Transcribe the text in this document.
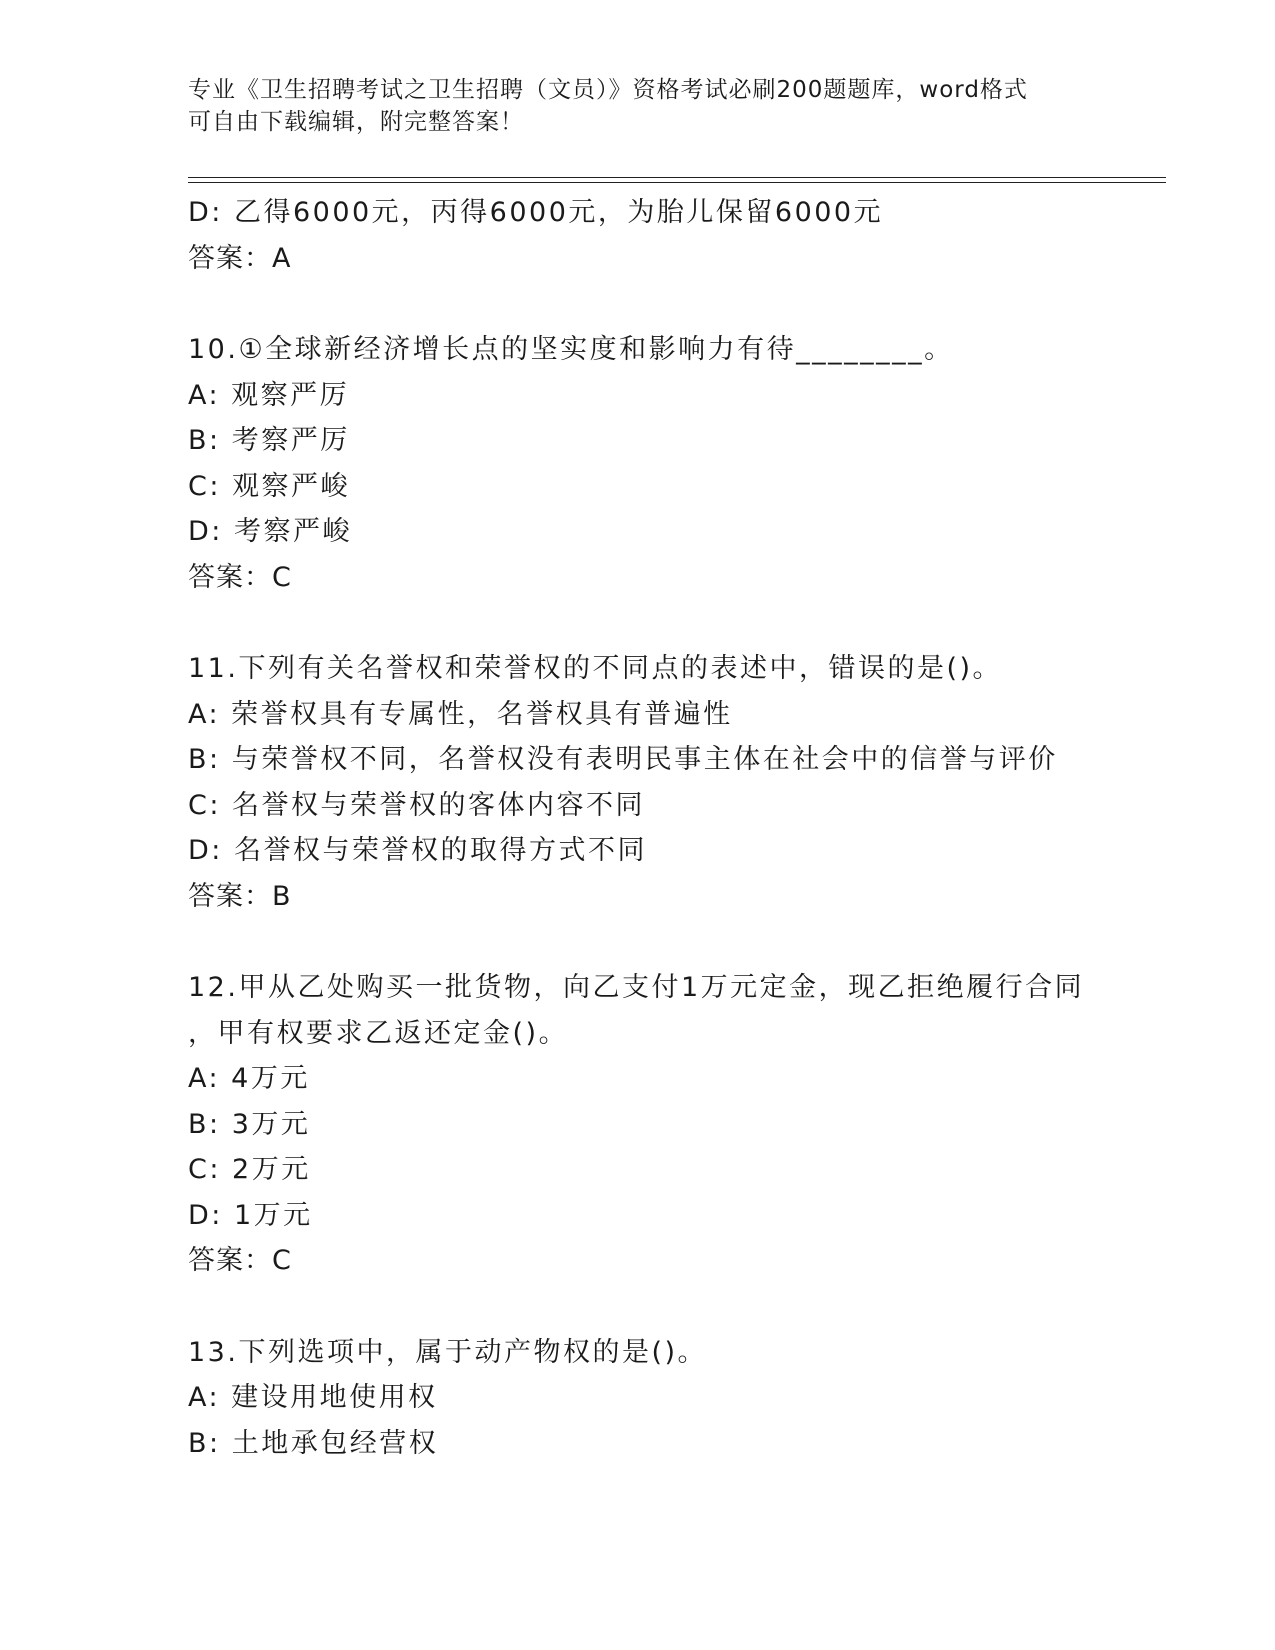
专业《卫生招聘考试之卫生招聘（文员）》资格考试必刷200题题库，word格式
可自由下载编辑，附完整答案！
D: 乙得6000元，丙得6000元，为胎儿保留6000元
答案：A
10.①全球新经济增长点的坚实度和影响力有待________。
A: 观察严厉
B: 考察严厉
C: 观察严峻
D: 考察严峻
答案：C
11.下列有关名誉权和荣誉权的不同点的表述中，错误的是()。
A: 荣誉权具有专属性，名誉权具有普遍性
B: 与荣誉权不同，名誉权没有表明民事主体在社会中的信誉与评价
C: 名誉权与荣誉权的客体内容不同
D: 名誉权与荣誉权的取得方式不同
答案：B
12.甲从乙处购买一批货物，向乙支付1万元定金，现乙拒绝履行合同
，甲有权要求乙返还定金()。
A: 4万元
B: 3万元
C: 2万元
D: 1万元
答案：C
13.下列选项中，属于动产物权的是()。
A: 建设用地使用权
B: 土地承包经营权
